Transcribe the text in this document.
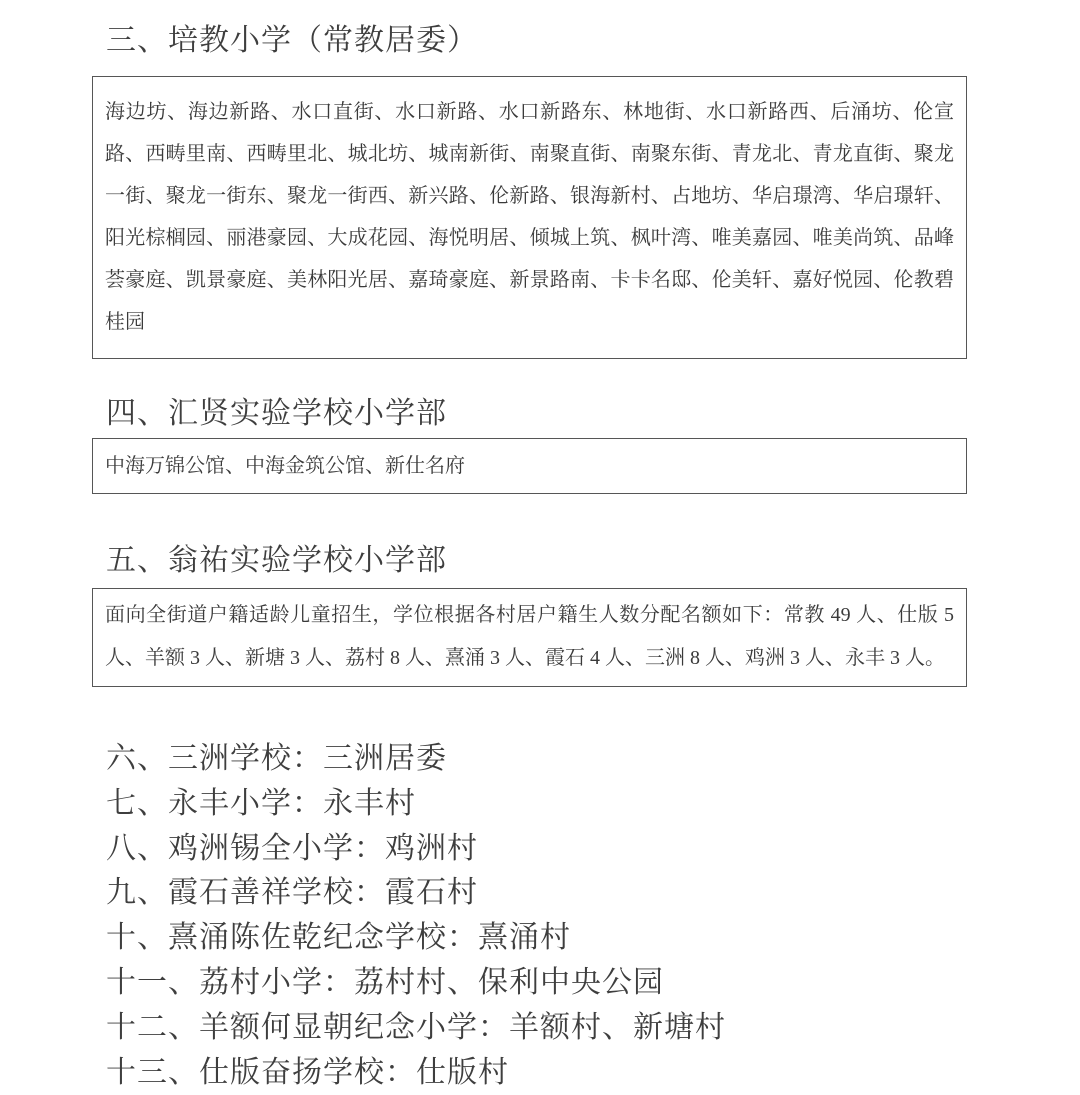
三、培教小学（常教居委）
海边坊、海边新路、水口直街、水口新路、水口新路东、林地街、水口新路西、后涌坊、伦宣路、西畴里南、西畴里北、城北坊、城南新街、南聚直街、南聚东街、青龙北、青龙直街、聚龙一街、聚龙一街东、聚龙一街西、新兴路、伦新路、银海新村、占地坊、华启璟湾、华启璟轩、阳光棕榈园、丽港豪园、大成花园、海悦明居、倾城上筑、枫叶湾、唯美嘉园、唯美尚筑、品峰荟豪庭、凯景豪庭、美林阳光居、嘉琦豪庭、新景路南、卡卡名邸、伦美轩、嘉好悦园、伦教碧桂园
四、汇贤实验学校小学部
中海万锦公馆、中海金筑公馆、新仕名府
五、翁祐实验学校小学部
面向全街道户籍适龄儿童招生，学位根据各村居户籍生人数分配名额如下：常教 49 人、仕版 5 人、羊额 3 人、新塘 3 人、荔村 8 人、熹涌 3 人、霞石 4 人、三洲 8 人、鸡洲 3 人、永丰 3 人。
六、三洲学校：三洲居委
七、永丰小学：永丰村
八、鸡洲锡全小学：鸡洲村
九、霞石善祥学校：霞石村
十、熹涌陈佐乾纪念学校：熹涌村
十一、荔村小学：荔村村、保利中央公园
十二、羊额何显朝纪念小学：羊额村、新塘村
十三、仕版奋扬学校：仕版村
